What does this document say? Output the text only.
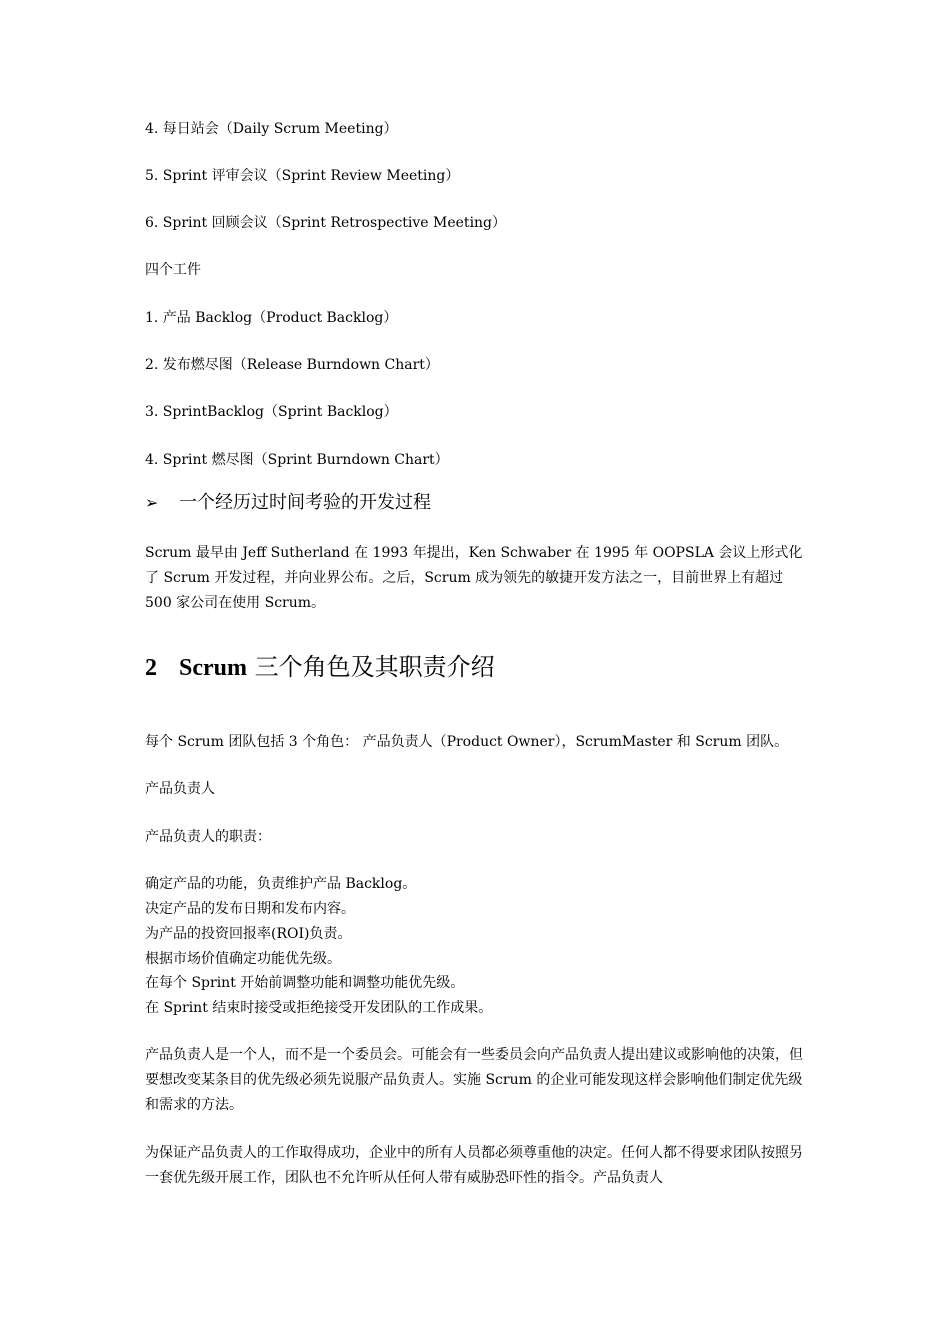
4. 每日站会（Daily Scrum Meeting）
5. Sprint 评审会议（Sprint Review Meeting）
6. Sprint 回顾会议（Sprint Retrospective Meeting）
四个工件
1. 产品 Backlog（Product Backlog）
2. 发布燃尽图（Release Burndown Chart）
3. SprintBacklog（Sprint Backlog）
4. Sprint 燃尽图（Sprint Burndown Chart）
➢ 一个经历过时间考验的开发过程
Scrum 最早由 Jeff Sutherland 在 1993 年提出，Ken Schwaber 在 1995 年 OOPSLA 会议上形式化了 Scrum 开发过程，并向业界公布。之后，Scrum 成为领先的敏捷开发方法之一，目前世界上有超过 500 家公司在使用 Scrum。
2 Scrum 三个角色及其职责介绍
每个 Scrum 团队包括 3 个角色： 产品负责人（Product Owner），ScrumMaster 和 Scrum 团队。
产品负责人
产品负责人的职责：
确定产品的功能，负责维护产品 Backlog。
决定产品的发布日期和发布内容。
为产品的投资回报率(ROI)负责。
根据市场价值确定功能优先级。
在每个 Sprint 开始前调整功能和调整功能优先级。
在 Sprint 结束时接受或拒绝接受开发团队的工作成果。
产品负责人是一个人，而不是一个委员会。可能会有一些委员会向产品负责人提出建议或影响他的决策，但要想改变某条目的优先级必须先说服产品负责人。实施 Scrum 的企业可能发现这样会影响他们制定优先级和需求的方法。
为保证产品负责人的工作取得成功，企业中的所有人员都必须尊重他的决定。任何人都不得要求团队按照另一套优先级开展工作，团队也不允许听从任何人带有威胁恐吓性的指令。产品负责人
